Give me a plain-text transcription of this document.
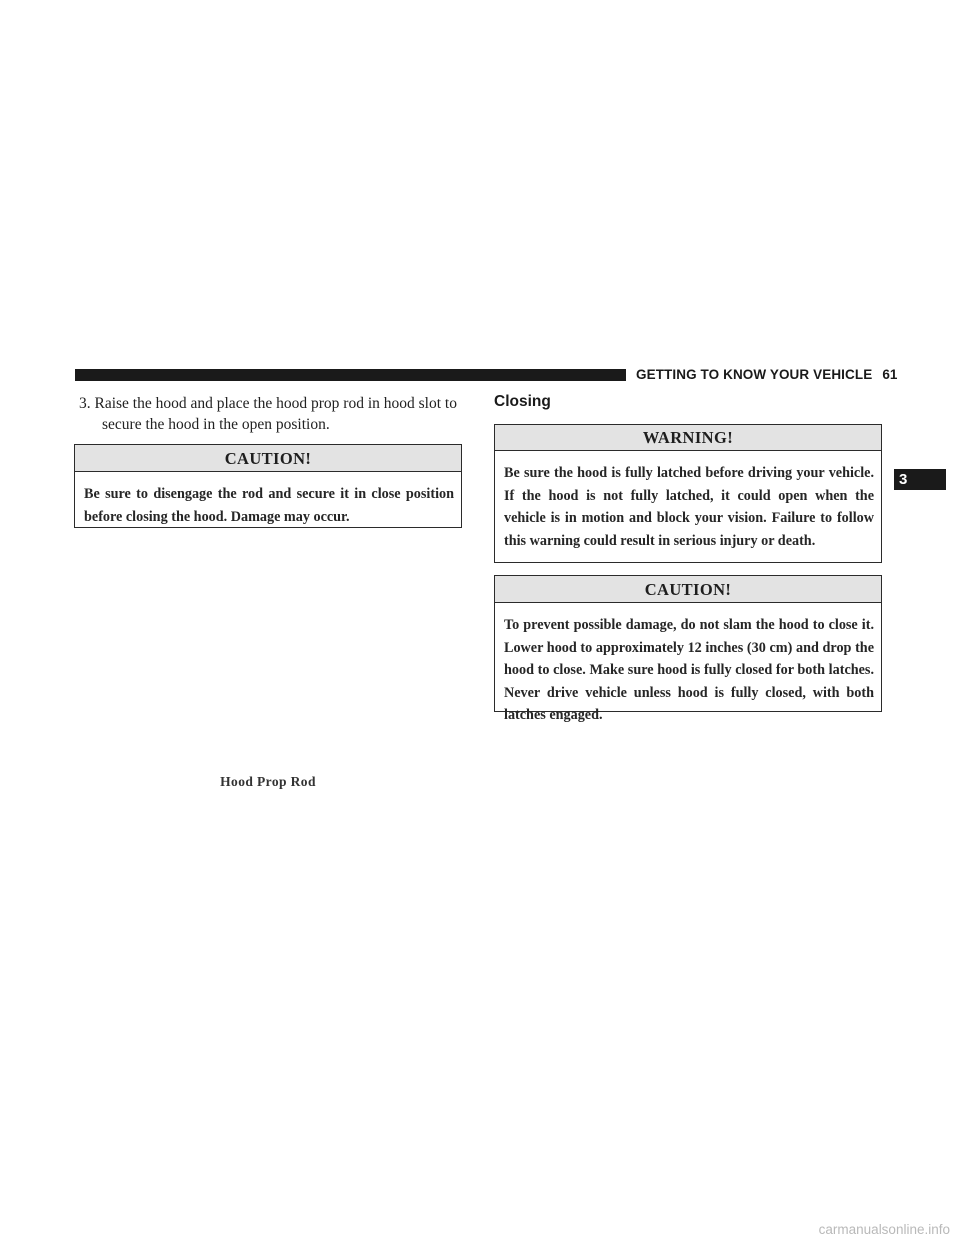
GETTING TO KNOW YOUR VEHICLE 61
3
3. Raise the hood and place the hood prop rod in hood slot to secure the hood in the open position.
CAUTION!
Be sure to disengage the rod and secure it in close position before closing the hood. Damage may occur.
Hood Prop Rod
Closing
WARNING!
Be sure the hood is fully latched before driving your vehicle. If the hood is not fully latched, it could open when the vehicle is in motion and block your vision. Failure to follow this warning could result in serious injury or death.
CAUTION!
To prevent possible damage, do not slam the hood to close it. Lower hood to approximately 12 inches (30 cm) and drop the hood to close. Make sure hood is fully closed for both latches. Never drive vehicle unless hood is fully closed, with both latches engaged.
carmanualsonline.info
